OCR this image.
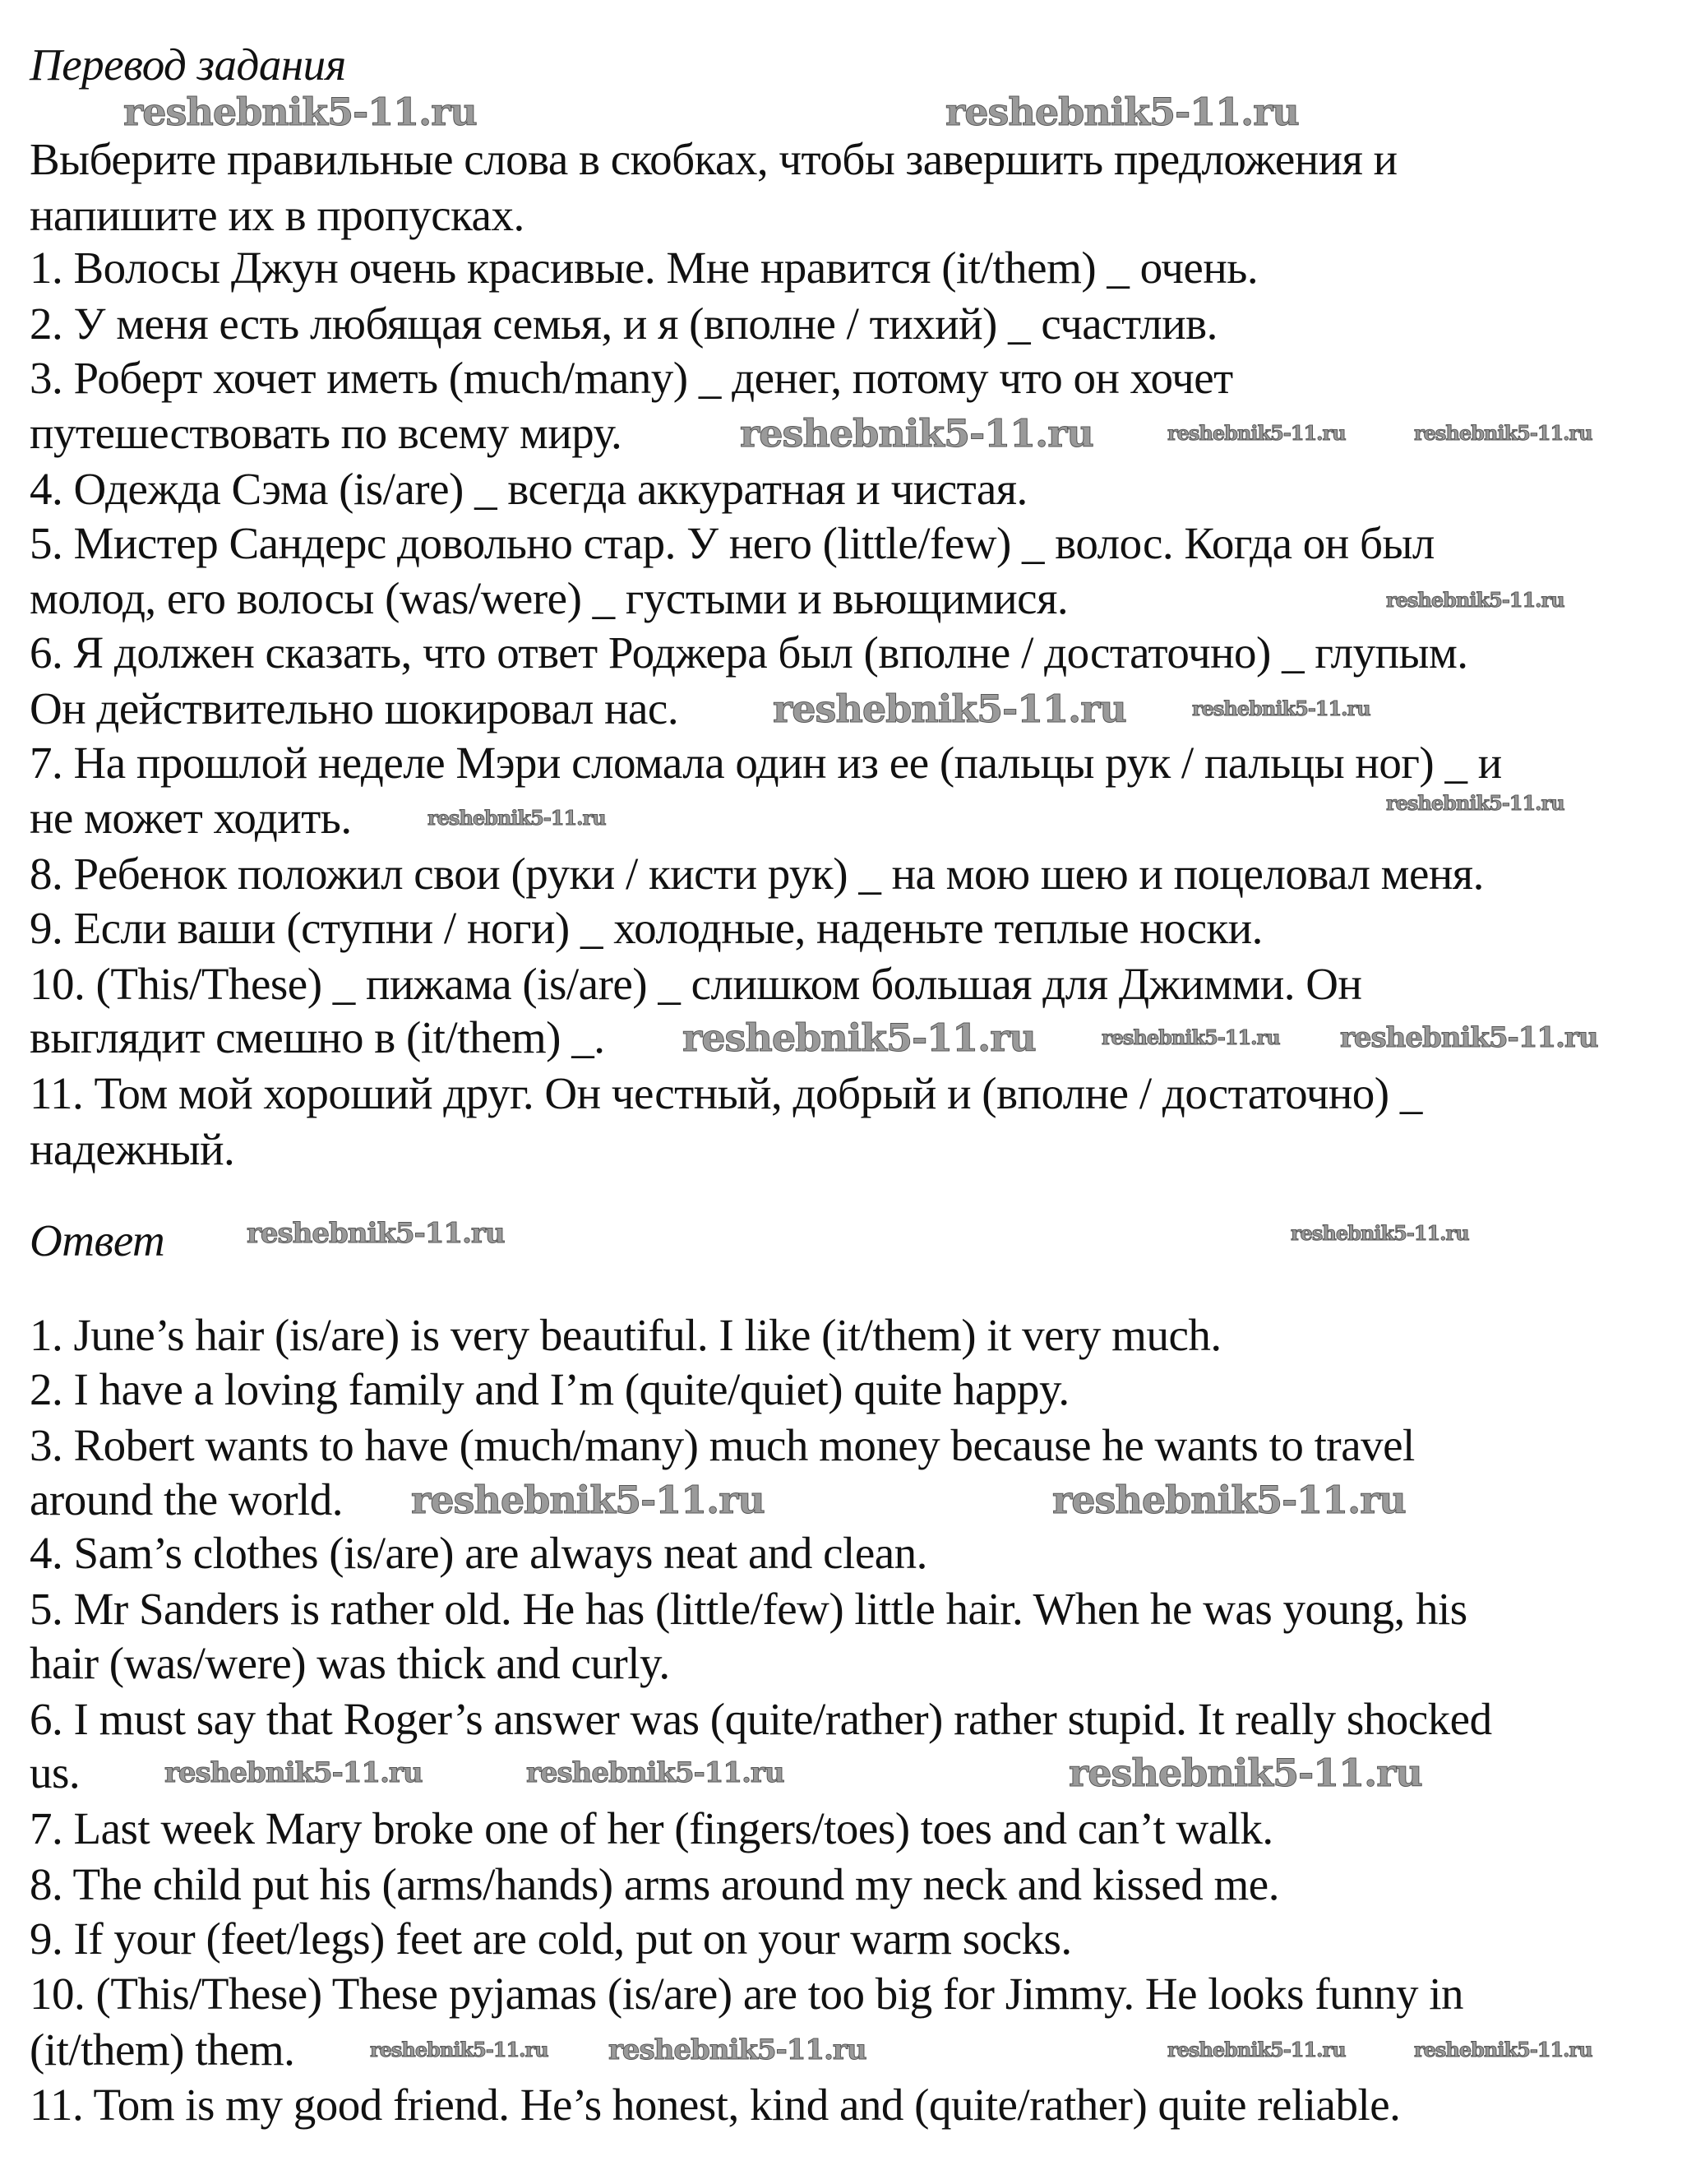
Перевод задания
Выберите правильные слова в скобках, чтобы завершить предложения и
напишите их в пропусках.
1. Волосы Джун очень красивые. Мне нравится (it/them) _ очень.
2. У меня есть любящая семья, и я (вполне / тихий) _ счастлив.
3. Роберт хочет иметь (much/many) _ денег, потому что он хочет
путешествовать по всему миру.
4. Одежда Сэма (is/are) _ всегда аккуратная и чистая.
5. Мистер Сандерс довольно стар. У него (little/few) _ волос. Когда он был
молод, его волосы (was/were) _ густыми и вьющимися.
6. Я должен сказать, что ответ Роджера был (вполне / достаточно) _ глупым.
Он действительно шокировал нас.
7. На прошлой неделе Мэри сломала один из ее (пальцы рук / пальцы ног) _ и
не может ходить.
8. Ребенок положил свои (руки / кисти рук) _ на мою шею и поцеловал меня.
9. Если ваши (ступни / ноги) _ холодные, наденьте теплые носки.
10. (This/These) _ пижама (is/are) _ слишком большая для Джимми. Он
выглядит смешно в (it/them) _.
11. Том мой хороший друг. Он честный, добрый и (вполне / достаточно) _
надежный.
Ответ
1. June’s hair (is/are) is very beautiful. I like (it/them) it very much.
2. I have a loving family and I’m (quite/quiet) quite happy.
3. Robert wants to have (much/many) much money because he wants to travel
around the world.
4. Sam’s clothes (is/are) are always neat and clean.
5. Mr Sanders is rather old. He has (little/few) little hair. When he was young, his
hair (was/were) was thick and curly.
6. I must say that Roger’s answer was (quite/rather) rather stupid. It really shocked
us.
7. Last week Mary broke one of her (fingers/toes) toes and can’t walk.
8. The child put his (arms/hands) arms around my neck and kissed me.
9. If your (feet/legs) feet are cold, put on your warm socks.
10. (This/These) These pyjamas (is/are) are too big for Jimmy. He looks funny in
(it/them) them.
11. Tom is my good friend. He’s honest, kind and (quite/rather) quite reliable.
reshebnik5-11.ru	reshebnik5-11.ru
reshebnik5-11.ru	reshebnik5-11.ru	reshebnik5-11.ru
reshebnik5-11.ru
reshebnik5-11.ru	reshebnik5-11.ru
reshebnik5-11.ru
reshebnik5-11.ru
reshebnik5-11.ru	reshebnik5-11.ru reshebnik5-11.ru
reshebnik5-11.ru	reshebnik5-11.ru
reshebnik5-11.ru	reshebnik5-11.ru
reshebnik5-11.ru	reshebnik5-11.ru	reshebnik5-11.ru
reshebnik5-11.ru reshebnik5-11.ru	reshebnik5-11.ru	reshebnik5-11.ru
